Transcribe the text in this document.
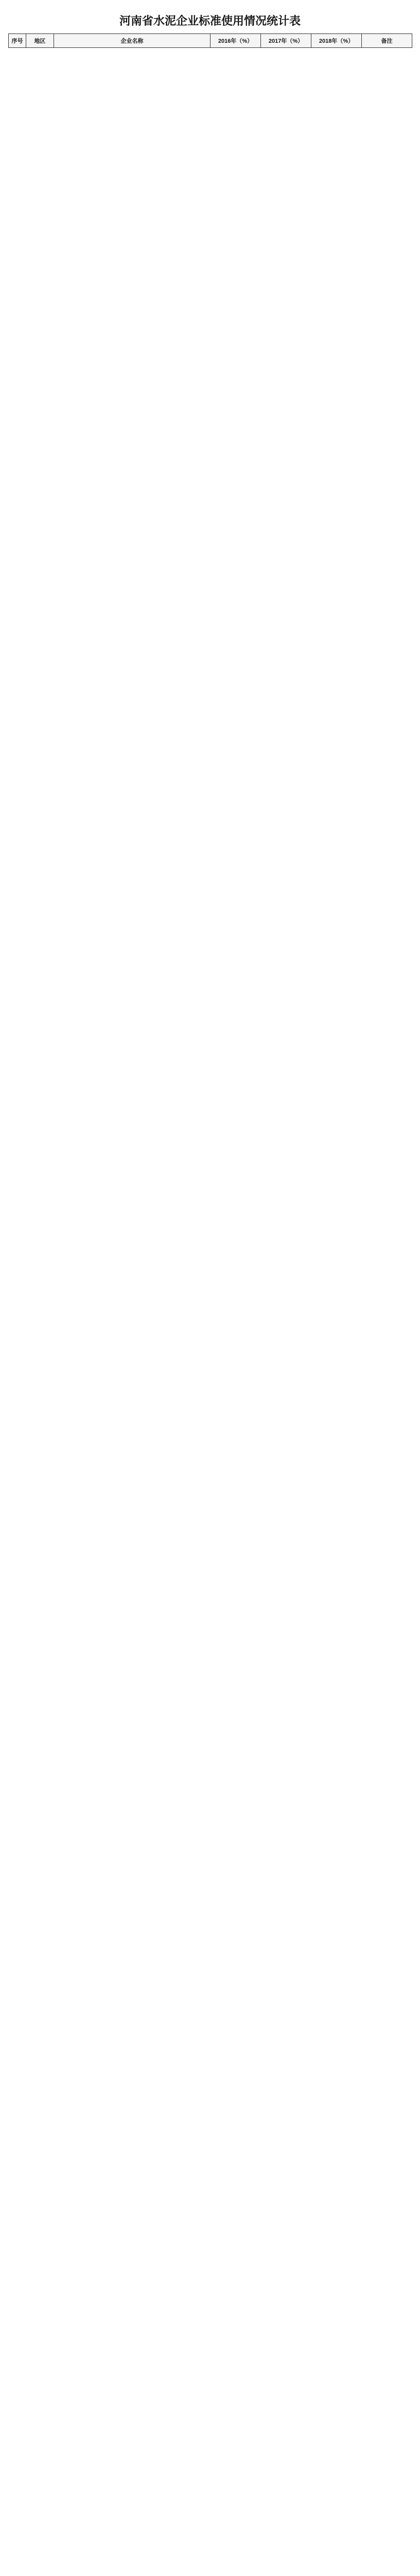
河南省水泥企业标准使用情况统计表
序号	地区	企业名称	2016年（%）	2017年（%）	2018年（%）	备注
